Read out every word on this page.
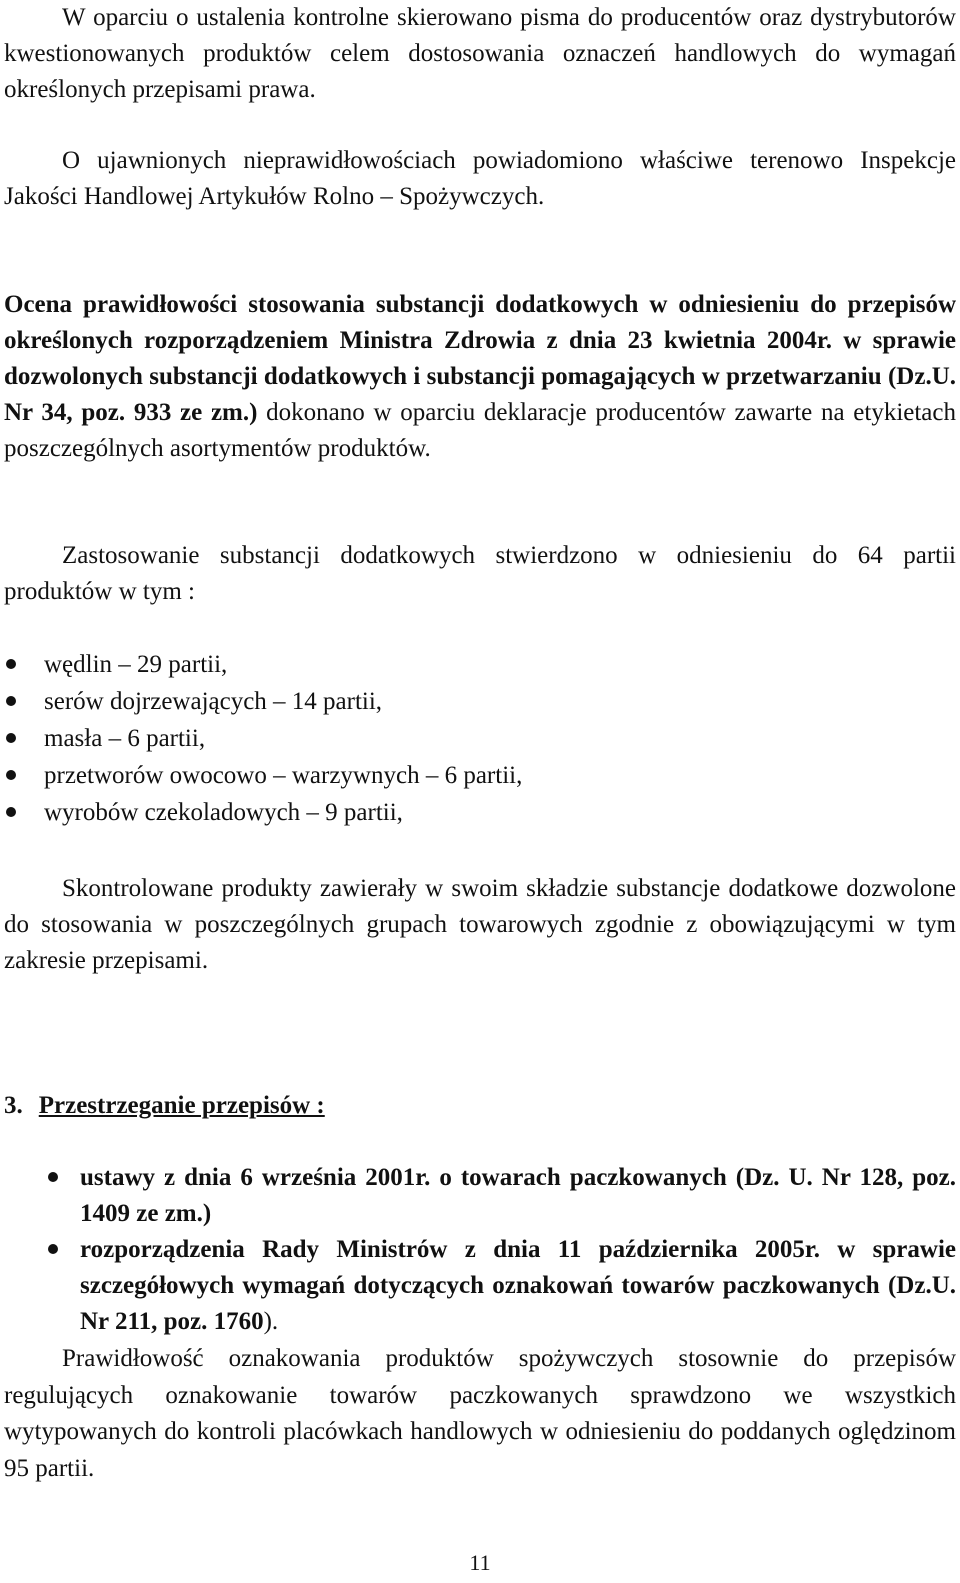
W oparciu o ustalenia kontrolne skierowano pisma do producentów oraz dystrybutorów kwestionowanych produktów celem dostosowania oznaczeń handlowych do wymagań określonych przepisami prawa.

O ujawnionych nieprawidłowościach powiadomiono właściwe terenowo Inspekcje Jakości Handlowej Artykułów Rolno – Spożywczych.

Ocena prawidłowości stosowania substancji dodatkowych w odniesieniu do przepisów określonych rozporządzeniem Ministra Zdrowia z dnia 23 kwietnia 2004r. w sprawie dozwolonych substancji dodatkowych i substancji pomagających w przetwarzaniu (Dz.U. Nr 34, poz. 933 ze zm.) dokonano w oparciu deklaracje producentów zawarte na etykietach poszczególnych asortymentów produktów.

Zastosowanie substancji dodatkowych stwierdzono w odniesieniu do 64 partii produktów w tym :

wędlin – 29 partii,
serów dojrzewających – 14 partii,
masła – 6 partii,
przetworów owocowo – warzywnych – 6 partii,
wyrobów czekoladowych – 9 partii,

Skontrolowane produkty zawierały w swoim składzie substancje dodatkowe dozwolone do stosowania w poszczególnych grupach towarowych zgodnie z obowiązującymi w tym zakresie przepisami.

3. Przestrzeganie przepisów :
ustawy z dnia 6 września 2001r. o towarach paczkowanych (Dz. U. Nr 128, poz. 1409 ze zm.)
rozporządzenia Rady Ministrów z dnia 11 października 2005r. w sprawie szczegółowych wymagań dotyczących oznakowań towarów paczkowanych (Dz.U. Nr 211, poz. 1760).

Prawidłowość oznakowania produktów spożywczych stosownie do przepisów regulujących oznakowanie towarów paczkowanych sprawdzono we wszystkich wytypowanych do kontroli placówkach handlowych w odniesieniu do poddanych oględzinom 95 partii.

11
